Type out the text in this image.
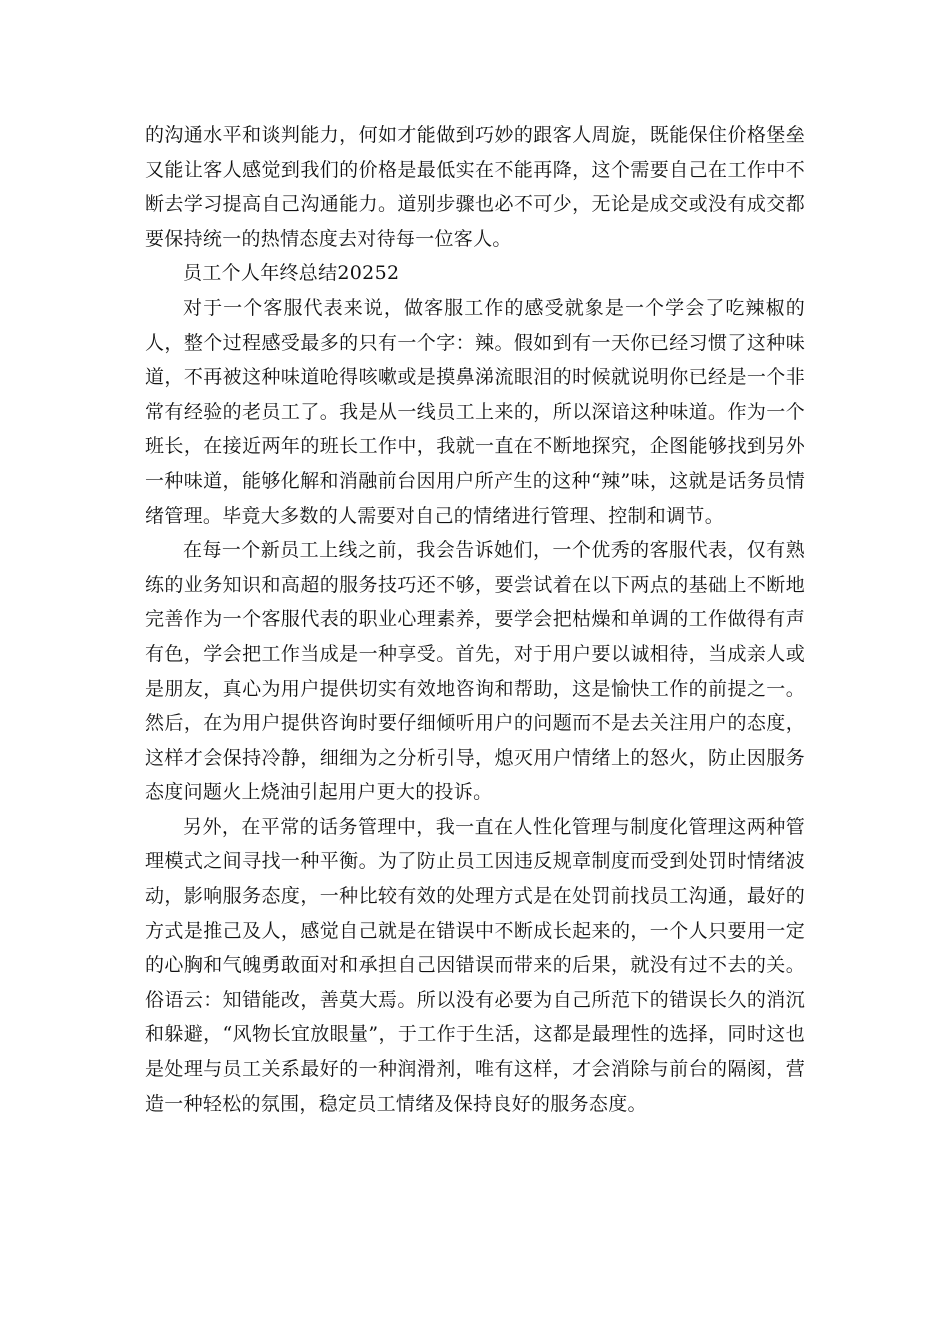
的沟通水平和谈判能力，何如才能做到巧妙的跟客人周旋，既能保住价格堡垒又能让客人感觉到我们的价格是最低实在不能再降，这个需要自己在工作中不断去学习提高自己沟通能力。道别步骤也必不可少，无论是成交或没有成交都要保持统一的热情态度去对待每一位客人。

员工个人年终总结20252

对于一个客服代表来说，做客服工作的感受就象是一个学会了吃辣椒的人，整个过程感受最多的只有一个字：辣。假如到有一天你已经习惯了这种味道，不再被这种味道呛得咳嗽或是摸鼻涕流眼泪的时候就说明你已经是一个非常有经验的老员工了。我是从一线员工上来的，所以深谙这种味道。作为一个班长，在接近两年的班长工作中，我就一直在不断地探究，企图能够找到另外一种味道，能够化解和消融前台因用户所产生的这种“辣”味，这就是话务员情绪管理。毕竟大多数的人需要对自己的情绪进行管理、控制和调节。

在每一个新员工上线之前，我会告诉她们，一个优秀的客服代表，仅有熟练的业务知识和高超的服务技巧还不够，要尝试着在以下两点的基础上不断地完善作为一个客服代表的职业心理素养，要学会把枯燥和单调的工作做得有声有色，学会把工作当成是一种享受。首先，对于用户要以诚相待，当成亲人或是朋友，真心为用户提供切实有效地咨询和帮助，这是愉快工作的前提之一。然后，在为用户提供咨询时要仔细倾听用户的问题而不是去关注用户的态度，这样才会保持冷静，细细为之分析引导，熄灭用户情绪上的怒火，防止因服务态度问题火上烧油引起用户更大的投诉。

另外，在平常的话务管理中，我一直在人性化管理与制度化管理这两种管理模式之间寻找一种平衡。为了防止员工因违反规章制度而受到处罚时情绪波动，影响服务态度，一种比较有效的处理方式是在处罚前找员工沟通，最好的方式是推己及人，感觉自己就是在错误中不断成长起来的，一个人只要用一定的心胸和气魄勇敢面对和承担自己因错误而带来的后果，就没有过不去的关。俗语云：知错能改，善莫大焉。所以没有必要为自己所范下的错误长久的消沉和躲避，“风物长宜放眼量”，于工作于生活，这都是最理性的选择，同时这也是处理与员工关系最好的一种润滑剂，唯有这样，才会消除与前台的隔阂，营造一种轻松的氛围，稳定员工情绪及保持良好的服务态度。
